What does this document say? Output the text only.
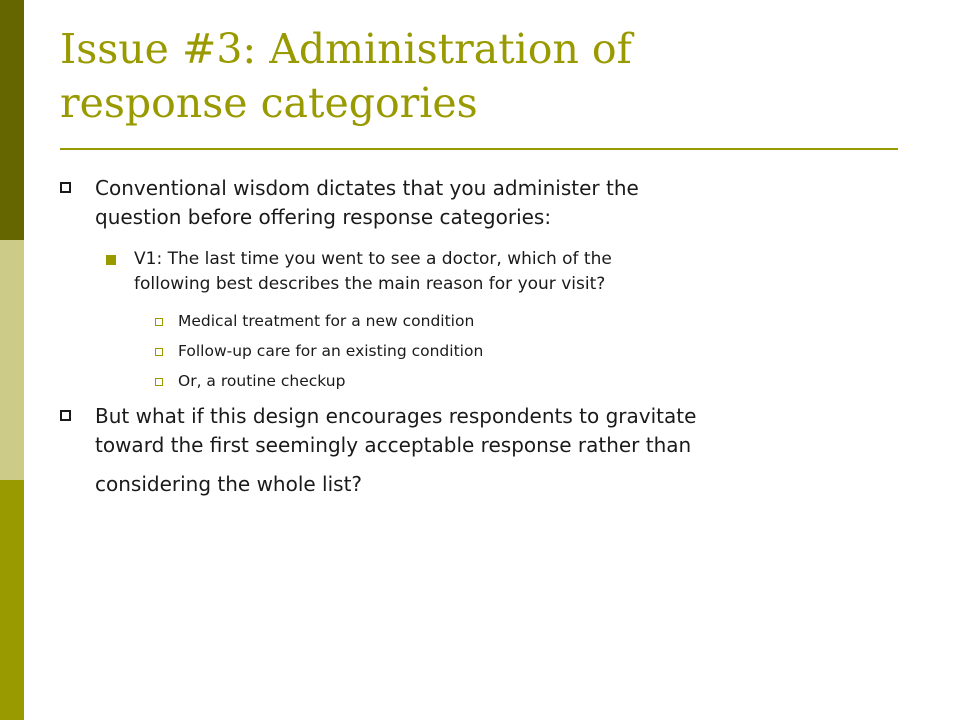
Issue #3: Administration of
response categories
Conventional wisdom dictates that you administer the
question before offering response categories:
V1: The last time you went to see a doctor, which of the
following best describes the main reason for your visit?
Medical treatment for a new condition
Follow-up care for an existing condition
Or, a routine checkup
But what if this design encourages respondents to gravitate
toward the first seemingly acceptable response rather than
considering the whole list?
